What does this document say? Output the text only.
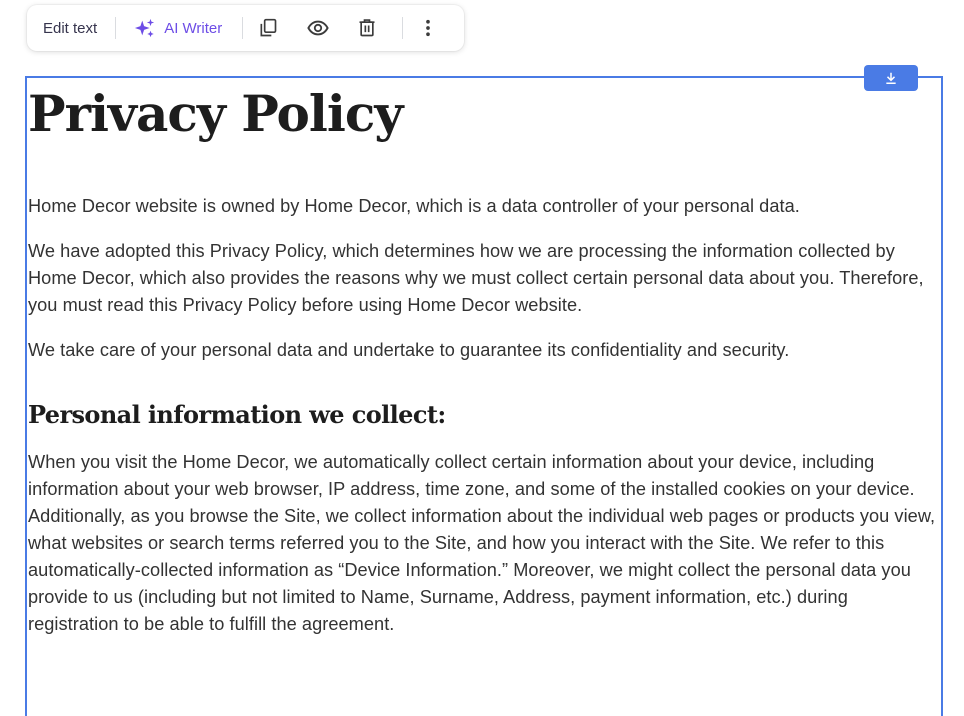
Edit text	AI Writer
Privacy Policy

Home Decor website is owned by Home Decor, which is a data controller of your personal data.

We have adopted this Privacy Policy, which determines how we are processing the information collected by Home Decor, which also provides the reasons why we must collect certain personal data about you. Therefore, you must read this Privacy Policy before using Home Decor website.

We take care of your personal data and undertake to guarantee its confidentiality and security.

Personal information we collect:

When you visit the Home Decor, we automatically collect certain information about your device, including information about your web browser, IP address, time zone, and some of the installed cookies on your device. Additionally, as you browse the Site, we collect information about the individual web pages or products you view, what websites or search terms referred you to the Site, and how you interact with the Site. We refer to this automatically-collected information as “Device Information.” Moreover, we might collect the personal data you provide to us (including but not limited to Name, Surname, Address, payment information, etc.) during registration to be able to fulfill the agreement.
